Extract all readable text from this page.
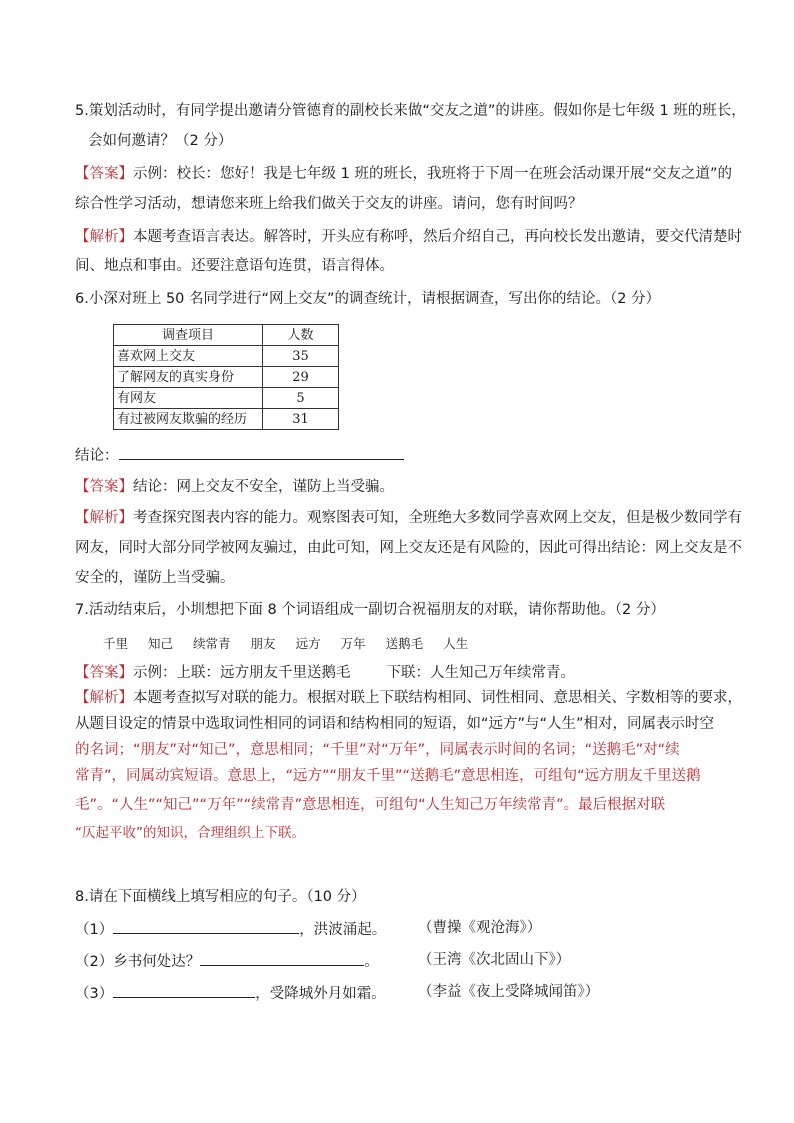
5.策划活动时，有同学提出邀请分管德育的副校长来做“交友之道”的讲座。假如你是七年级 1 班的班长，
会如何邀请？（2 分）
【答案】示例：校长：您好！我是七年级 1 班的班长，我班将于下周一在班会活动课开展“交友之道”的
综合性学习活动，想请您来班上给我们做关于交友的讲座。请问，您有时间吗？
【解析】本题考查语言表达。解答时，开头应有称呼，然后介绍自己，再向校长发出邀请，要交代清楚时
间、地点和事由。还要注意语句连贯，语言得体。
6.小深对班上 50 名同学进行“网上交友”的调查统计，请根据调查，写出你的结论。（2 分）
调查项目	人数
喜欢网上交友	35
了解网友的真实身份	29
有网友	5
有过被网友欺骗的经历	31
结论：
【答案】结论：网上交友不安全，谨防上当受骗。
【解析】考查探究图表内容的能力。观察图表可知，全班绝大多数同学喜欢网上交友，但是极少数同学有
网友，同时大部分同学被网友骗过，由此可知，网上交友还是有风险的，因此可得出结论：网上交友是不
安全的，谨防上当受骗。
7.活动结束后，小圳想把下面 8 个词语组成一副切合祝福朋友的对联，请你帮助他。（2 分）
千里 知己 续常青 朋友 远方 万年 送鹅毛 人生
【答案】示例：上联：远方朋友千里送鹅毛 下联：人生知己万年续常青。
【解析】本题考查拟写对联的能力。根据对联上下联结构相同、词性相同、意思相关、字数相等的要求，
从题目设定的情景中选取词性相同的词语和结构相同的短语，如“远方”与“人生”相对，同属表示时空
的名词；“朋友”对“知己”，意思相同；“千里”对“万年”，同属表示时间的名词；“送鹅毛”对“续
常青”，同属动宾短语。意思上，“远方”“朋友千里”“送鹅毛”意思相连，可组句“远方朋友千里送鹅
毛”。“人生”“知己”“万年”“续常青”意思相连，可组句“人生知己万年续常青”。最后根据对联
“仄起平收”的知识，合理组织上下联。
8.请在下面横线上填写相应的句子。（10 分）
（1）	，洪波涌起。 （曹操《观沧海》）
（2）乡书何处达？	。	（王湾《次北固山下》）
（3）	，受降城外月如霜。 （李益《夜上受降城闻笛》）
